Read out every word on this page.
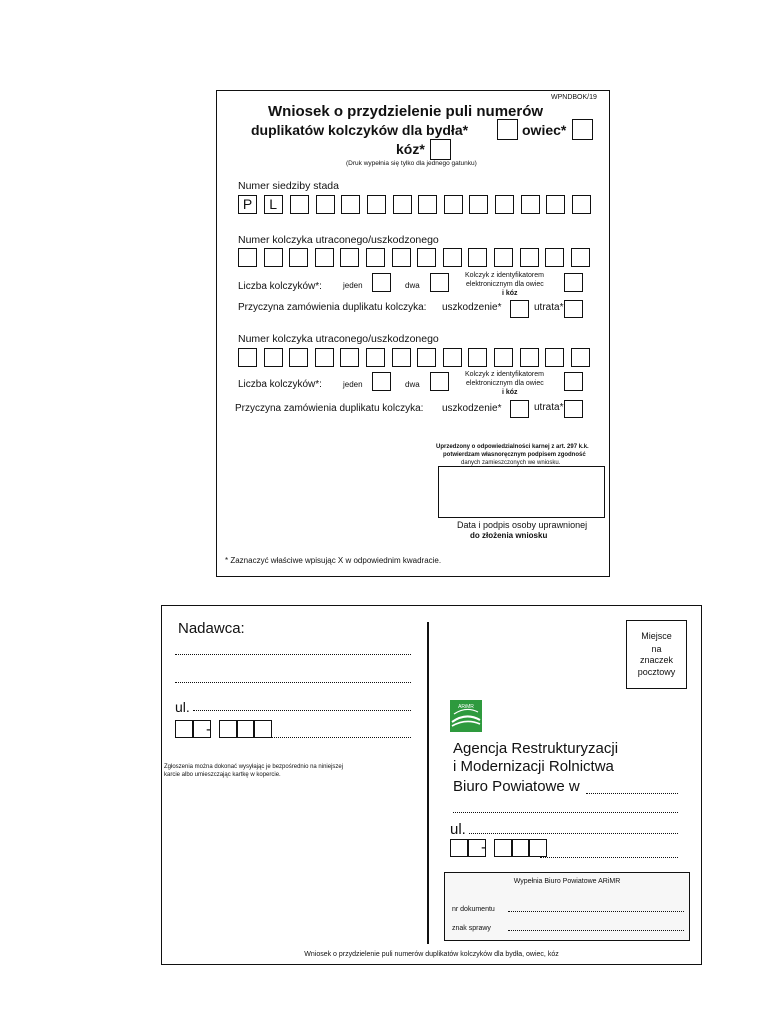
WPNDBOK/19
Wniosek o przydzielenie puli numerów
duplikatów kolczyków dla bydła*	owiec*
kóz*
(Druk wypełnia się tylko dla jednego gatunku)
Numer siedziby stada
Numer kolczyka utraconego/uszkodzonego
Liczba kolczyków*:	jeden	dwa
Kolczyk z identyfikatorem
elektronicznym dla owiec
i kóz
Przyczyna zamówienia duplikatu kolczyka: uszkodzenie*	utrata*
Numer kolczyka utraconego/uszkodzonego
Liczba kolczyków*:	jeden	dwa
Kolczyk z identyfikatorem
elektronicznym dla owiec
i kóz
Przyczyna zamówienia duplikatu kolczyka: uszkodzenie*	utrata*
Uprzedzony o odpowiedzialności karnej z art. 297 k.k.
potwierdzam własnoręcznym podpisem zgodność
danych zamieszczonych we wniosku.
Data i podpis osoby uprawnionej
do złożenia wniosku
* Zaznaczyć właściwe wpisując X w odpowiednim kwadracie.
Nadawca:
ul.
-
Zgłoszenia można dokonać wysyłając je bezpośrednio na niniejszej
karcie albo umieszczając kartkę w kopercie.
Miejsce
na
znaczek
pocztowy
ARiMR
Agencja Restrukturyzacji
i Modernizacji Rolnictwa
Biuro Powiatowe w
ul.
-
Wypełnia Biuro Powiatowe ARiMR
nr dokumentu
znak sprawy
Wniosek o przydzielenie puli numerów duplikatów kolczyków dla bydła, owiec, kóz
P	L
